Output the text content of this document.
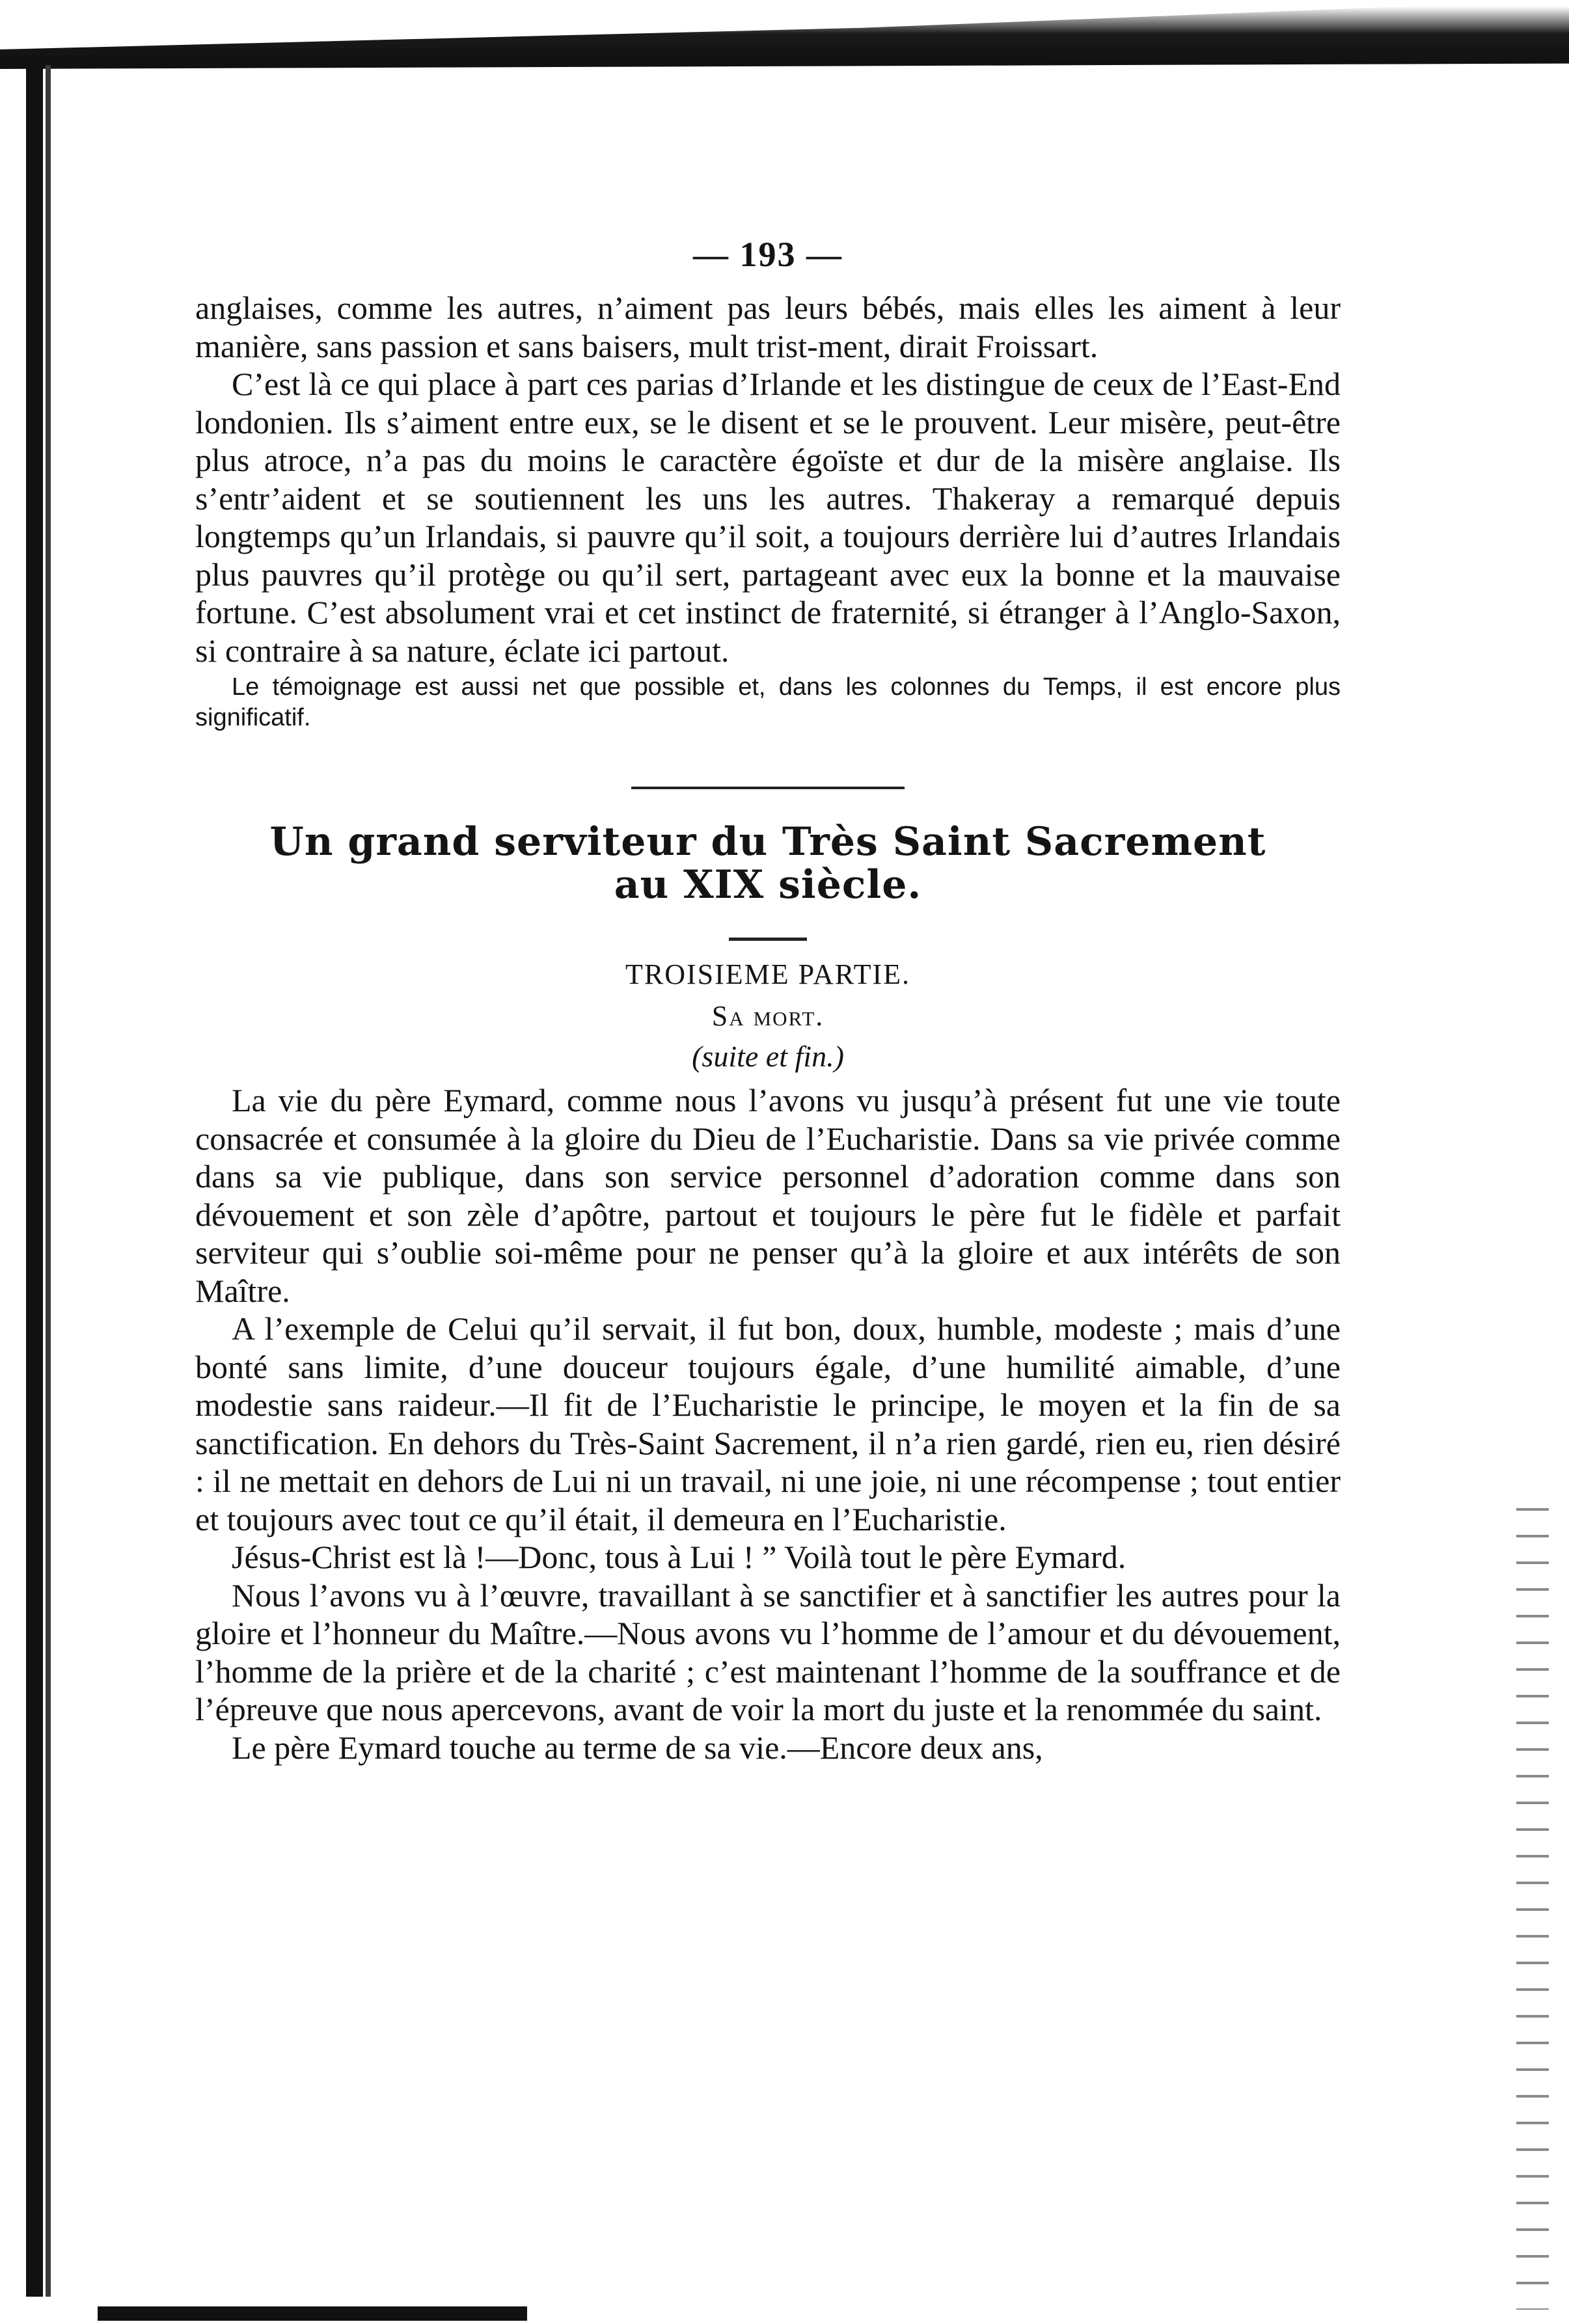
— 193 —

anglaises, comme les autres, n’aiment pas leurs bébés, mais elles les aiment à leur manière, sans passion et sans baisers, mult trist-ment, dirait Froissart.

C’est là ce qui place à part ces parias d’Irlande et les distingue de ceux de l’East-End londonien. Ils s’aiment entre eux, se le disent et se le prouvent. Leur misère, peut-être plus atroce, n’a pas du moins le caractère égoïste et dur de la misère anglaise. Ils s’entr’aident et se soutiennent les uns les autres. Thakeray a remarqué depuis longtemps qu’un Irlandais, si pauvre qu’il soit, a toujours derrière lui d’autres Irlandais plus pauvres qu’il protège ou qu’il sert, partageant avec eux la bonne et la mauvaise fortune. C’est absolument vrai et cet instinct de fraternité, si étranger à l’Anglo-Saxon, si contraire à sa nature, éclate ici partout.

Le témoignage est aussi net que possible et, dans les colonnes du Temps, il est encore plus significatif.

Un grand serviteur du Très Saint Sacrement
au XIX siècle.
TROISIEME PARTIE.
Sa mort.
(suite et fin.)

La vie du père Eymard, comme nous l’avons vu jusqu’à présent fut une vie toute consacrée et consumée à la gloire du Dieu de l’Eucharistie. Dans sa vie privée comme dans sa vie publique, dans son service personnel d’adoration comme dans son dévouement et son zèle d’apôtre, partout et toujours le père fut le fidèle et parfait serviteur qui s’oublie soi-même pour ne penser qu’à la gloire et aux intérêts de son Maître.

A l’exemple de Celui qu’il servait, il fut bon, doux, humble, modeste ; mais d’une bonté sans limite, d’une douceur toujours égale, d’une humilité aimable, d’une modestie sans raideur.—Il fit de l’Eucharistie le principe, le moyen et la fin de sa sanctification. En dehors du Très-Saint Sacrement, il n’a rien gardé, rien eu, rien désiré : il ne mettait en dehors de Lui ni un travail, ni une joie, ni une récompense ; tout entier et toujours avec tout ce qu’il était, il demeura en l’Eucharistie.

Jésus-Christ est là !—Donc, tous à Lui ! ” Voilà tout le père Eymard.

Nous l’avons vu à l’œuvre, travaillant à se sanctifier et à sanctifier les autres pour la gloire et l’honneur du Maître.—Nous avons vu l’homme de l’amour et du dévouement, l’homme de la prière et de la charité ; c’est maintenant l’homme de la souffrance et de l’épreuve que nous apercevons, avant de voir la mort du juste et la renommée du saint.

Le père Eymard touche au terme de sa vie.—Encore deux ans,
